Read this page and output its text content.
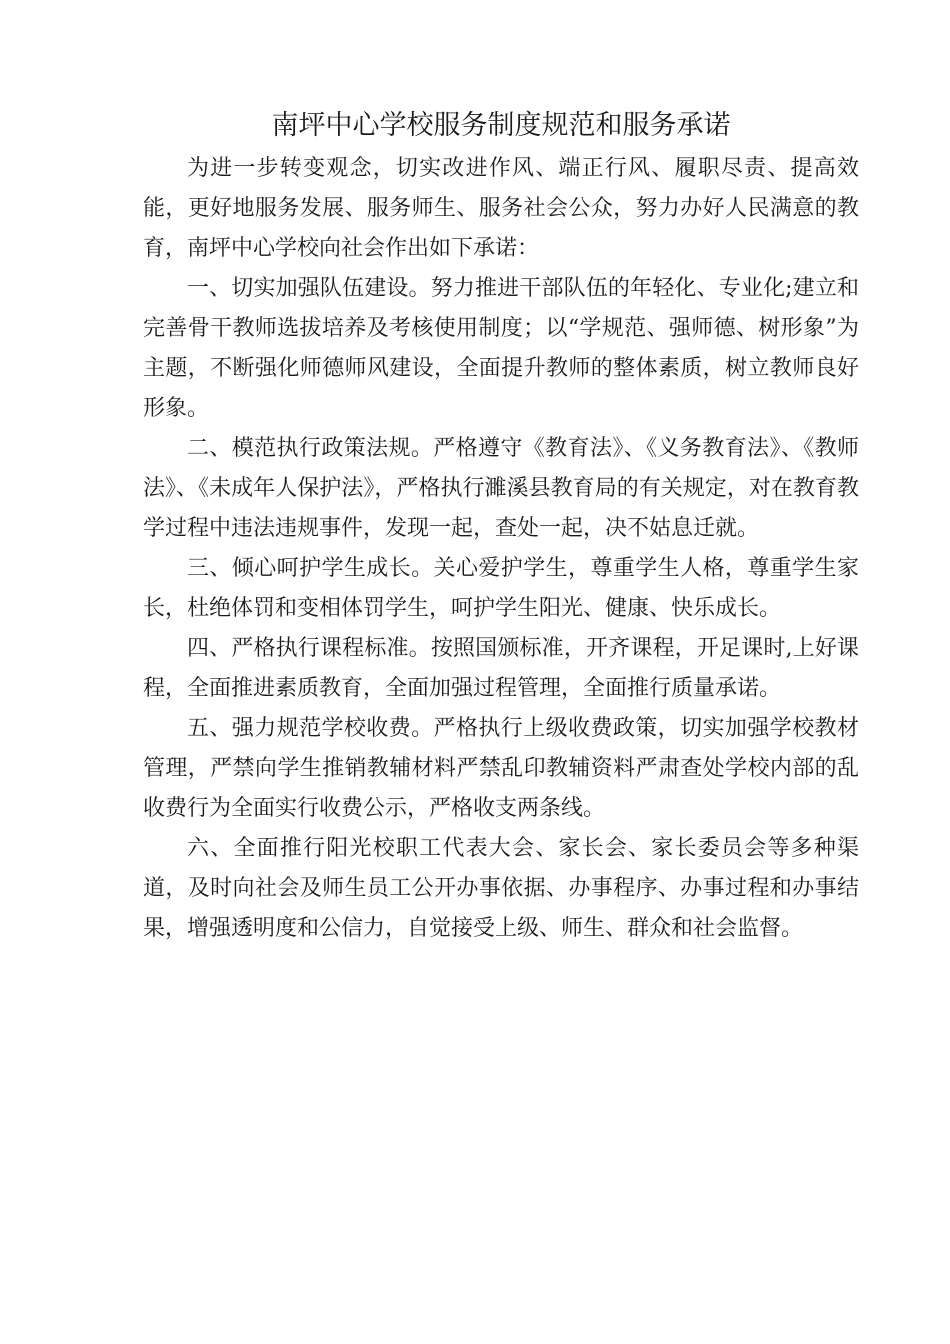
南坪中心学校服务制度规范和服务承诺

为进一步转变观念，切实改进作风、端正行风、履职尽责、提高效能，更好地服务发展、服务师生、服务社会公众，努力办好人民满意的教育，南坪中心学校向社会作出如下承诺：

一、切实加强队伍建设。努力推进干部队伍的年轻化、专业化;建立和完善骨干教师选拔培养及考核使用制度；以“学规范、强师德、树形象”为主题，不断强化师德师风建设，全面提升教师的整体素质，树立教师良好形象。

二、模范执行政策法规。严格遵守《教育法》、《义务教育法》、《教师法》、《未成年人保护法》，严格执行濉溪县教育局的有关规定，对在教育教学过程中违法违规事件，发现一起，查处一起，决不姑息迁就。

三、倾心呵护学生成长。关心爱护学生，尊重学生人格，尊重学生家长，杜绝体罚和变相体罚学生，呵护学生阳光、健康、快乐成长。

四、严格执行课程标准。按照国颁标准，开齐课程，开足课时,上好课程，全面推进素质教育，全面加强过程管理，全面推行质量承诺。

五、强力规范学校收费。严格执行上级收费政策，切实加强学校教材管理，严禁向学生推销教辅材料严禁乱印教辅资料严肃查处学校内部的乱收费行为全面实行收费公示，严格收支两条线。

六、全面推行阳光校职工代表大会、家长会、家长委员会等多种渠道，及时向社会及师生员工公开办事依据、办事程序、办事过程和办事结果，增强透明度和公信力，自觉接受上级、师生、群众和社会监督。
